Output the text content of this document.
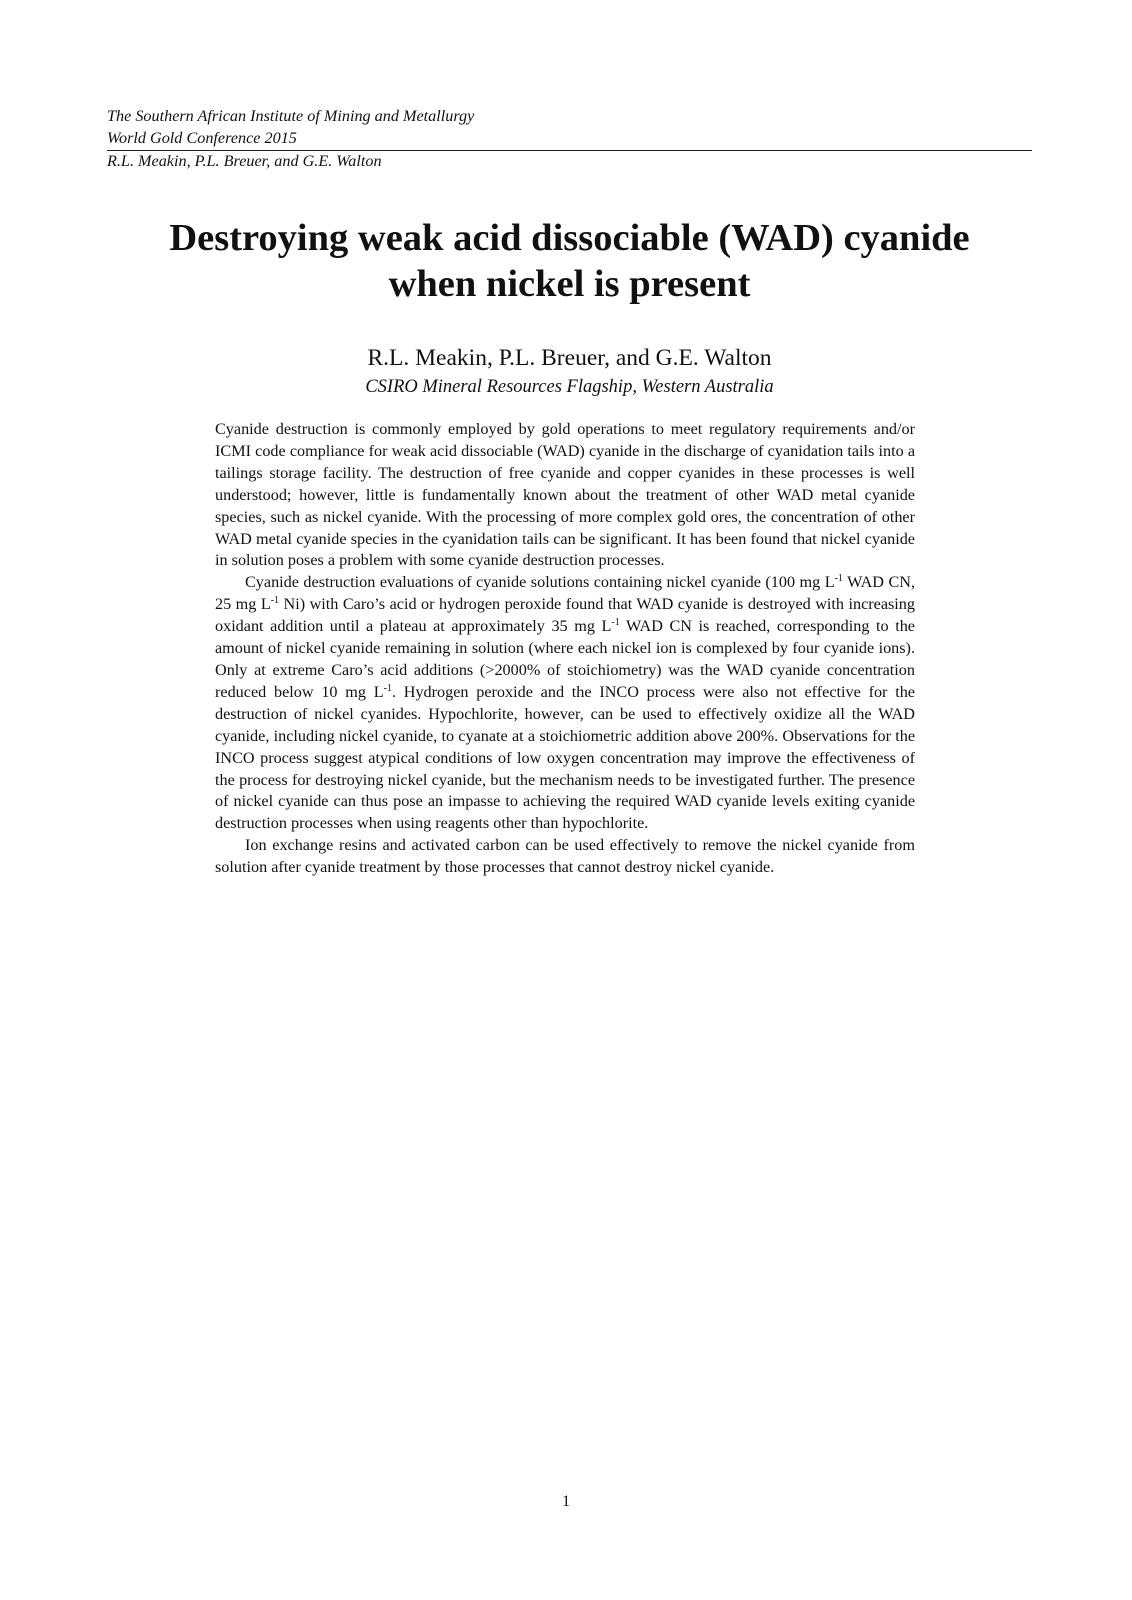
The Southern African Institute of Mining and Metallurgy
World Gold Conference 2015
R.L. Meakin, P.L. Breuer, and G.E. Walton
Destroying weak acid dissociable (WAD) cyanide
when nickel is present

R.L. Meakin, P.L. Breuer, and G.E. Walton

CSIRO Mineral Resources Flagship, Western Australia

Cyanide destruction is commonly employed by gold operations to meet regulatory requirements and/or ICMI code compliance for weak acid dissociable (WAD) cyanide in the discharge of cyanidation tails into a tailings storage facility. The destruction of free cyanide and copper cyanides in these processes is well understood; however, little is fundamentally known about the treatment of other WAD metal cyanide species, such as nickel cyanide. With the processing of more complex gold ores, the concentration of other WAD metal cyanide species in the cyanidation tails can be significant. It has been found that nickel cyanide in solution poses a problem with some cyanide destruction processes.

Cyanide destruction evaluations of cyanide solutions containing nickel cyanide (100 mg $L^{-1}$ WAD CN, 25 mg $L^{-1}$ Ni) with Caro’s acid or hydrogen peroxide found that WAD cyanide is destroyed with increasing oxidant addition until a plateau at approximately 35 mg $L^{-1}$ WAD CN is reached, corresponding to the amount of nickel cyanide remaining in solution (where each nickel ion is complexed by four cyanide ions). Only at extreme Caro’s acid additions (>2000% of stoichiometry) was the WAD cyanide concentration reduced below 10 mg $L^{-1}$. Hydrogen peroxide and the INCO process were also not effective for the destruction of nickel cyanides. Hypochlorite, however, can be used to effectively oxidize all the WAD cyanide, including nickel cyanide, to cyanate at a stoichiometric addition above 200%. Observations for the INCO process suggest atypical conditions of low oxygen concentration may improve the effectiveness of the process for destroying nickel cyanide, but the mechanism needs to be investigated further. The presence of nickel cyanide can thus pose an impasse to achieving the required WAD cyanide levels exiting cyanide destruction processes when using reagents other than hypochlorite.

Ion exchange resins and activated carbon can be used effectively to remove the nickel cyanide from solution after cyanide treatment by those processes that cannot destroy nickel cyanide.

1
